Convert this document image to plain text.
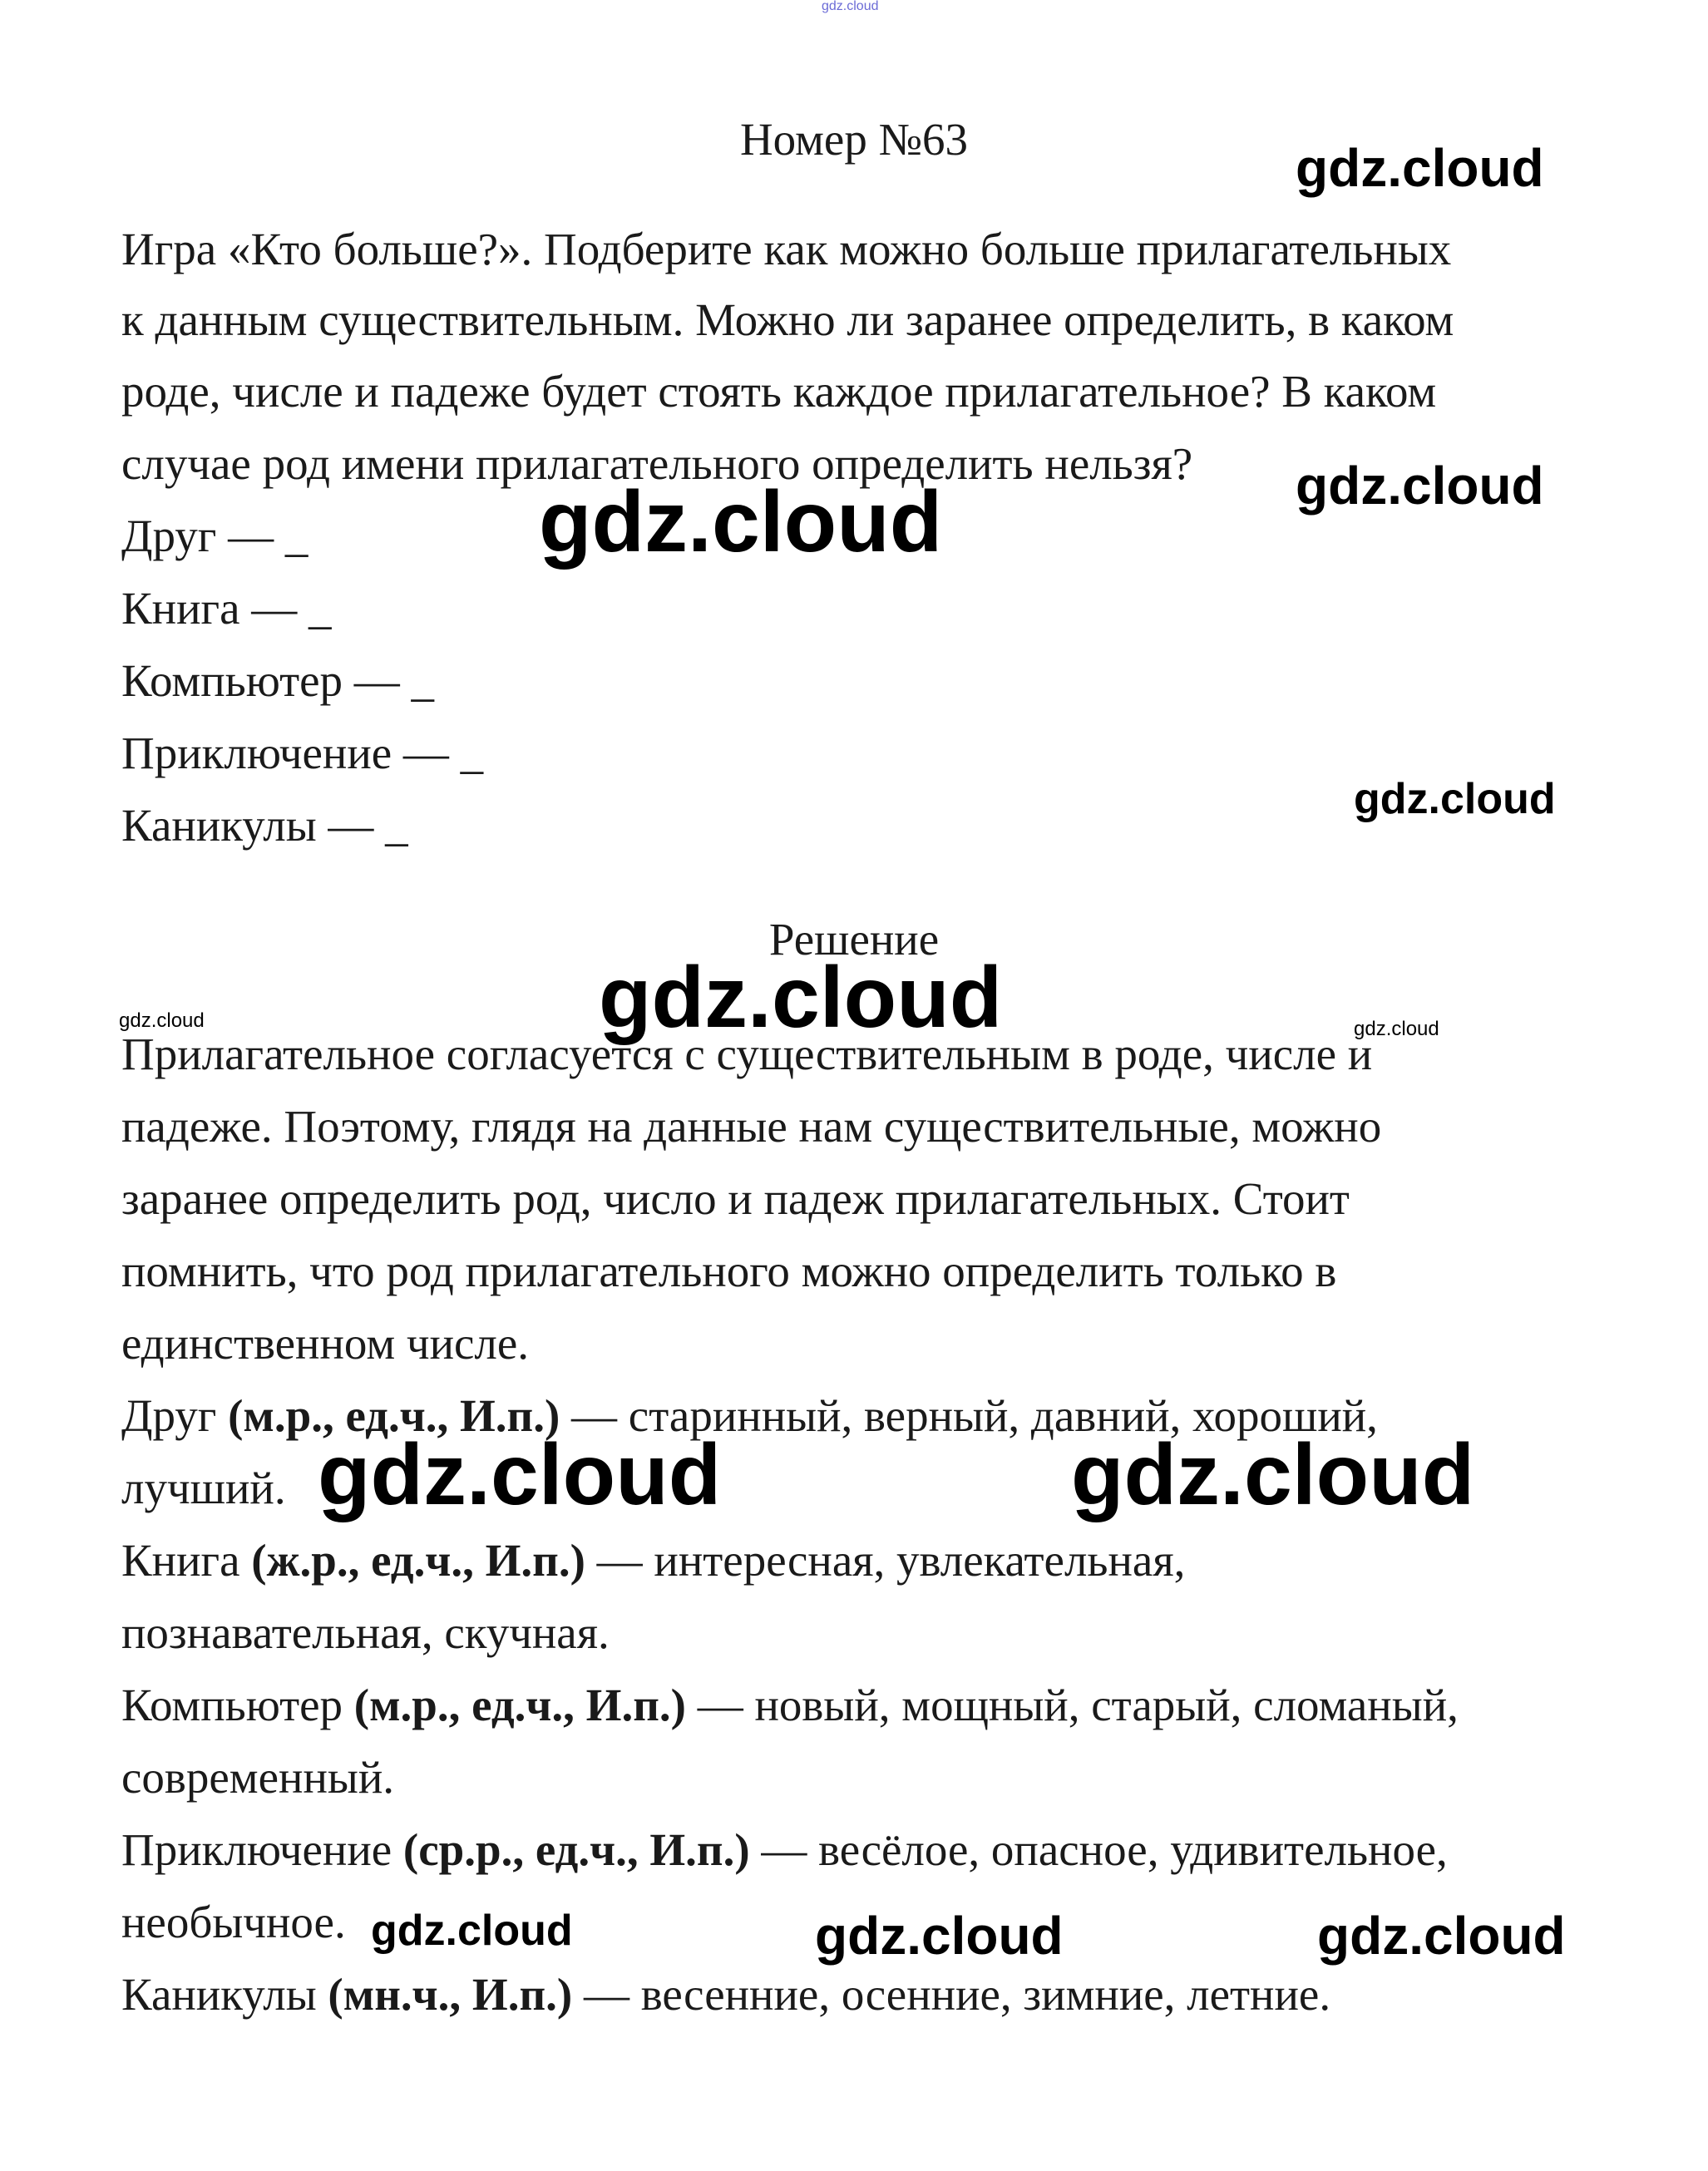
gdz.cloud
Номер №63
Игра «Кто больше?». Подберите как можно больше прилагательных
к данным существительным. Можно ли заранее определить, в каком
роде, числе и падеже будет стоять каждое прилагательное? В каком
случае род имени прилагательного определить нельзя?
Друг — _
Книга — _
Компьютер — _
Приключение — _
Каникулы — _
Решение
Прилагательное согласуется с существительным в роде, числе и
падеже. Поэтому, глядя на данные нам существительные, можно
заранее определить род, число и падеж прилагательных. Стоит
помнить, что род прилагательного можно определить только в
единственном числе.
Друг (м.р., ед.ч., И.п.) — старинный, верный, давний, хороший,
лучший.
Книга (ж.р., ед.ч., И.п.) — интересная, увлекательная,
познавательная, скучная.
Компьютер (м.р., ед.ч., И.п.) — новый, мощный, старый, сломаный,
современный.
Приключение (ср.р., ед.ч., И.п.) — весёлое, опасное, удивительное,
необычное.
Каникулы (мн.ч., И.п.) — весенние, осенние, зимние, летние.
gdz.cloud
gdz.cloud
gdz.cloud
gdz.cloud
gdz.cloud
gdz.cloud	gdz.cloud
gdz.cloud	gdz.cloud
gdz.cloud	gdz.cloud	gdz.cloud
